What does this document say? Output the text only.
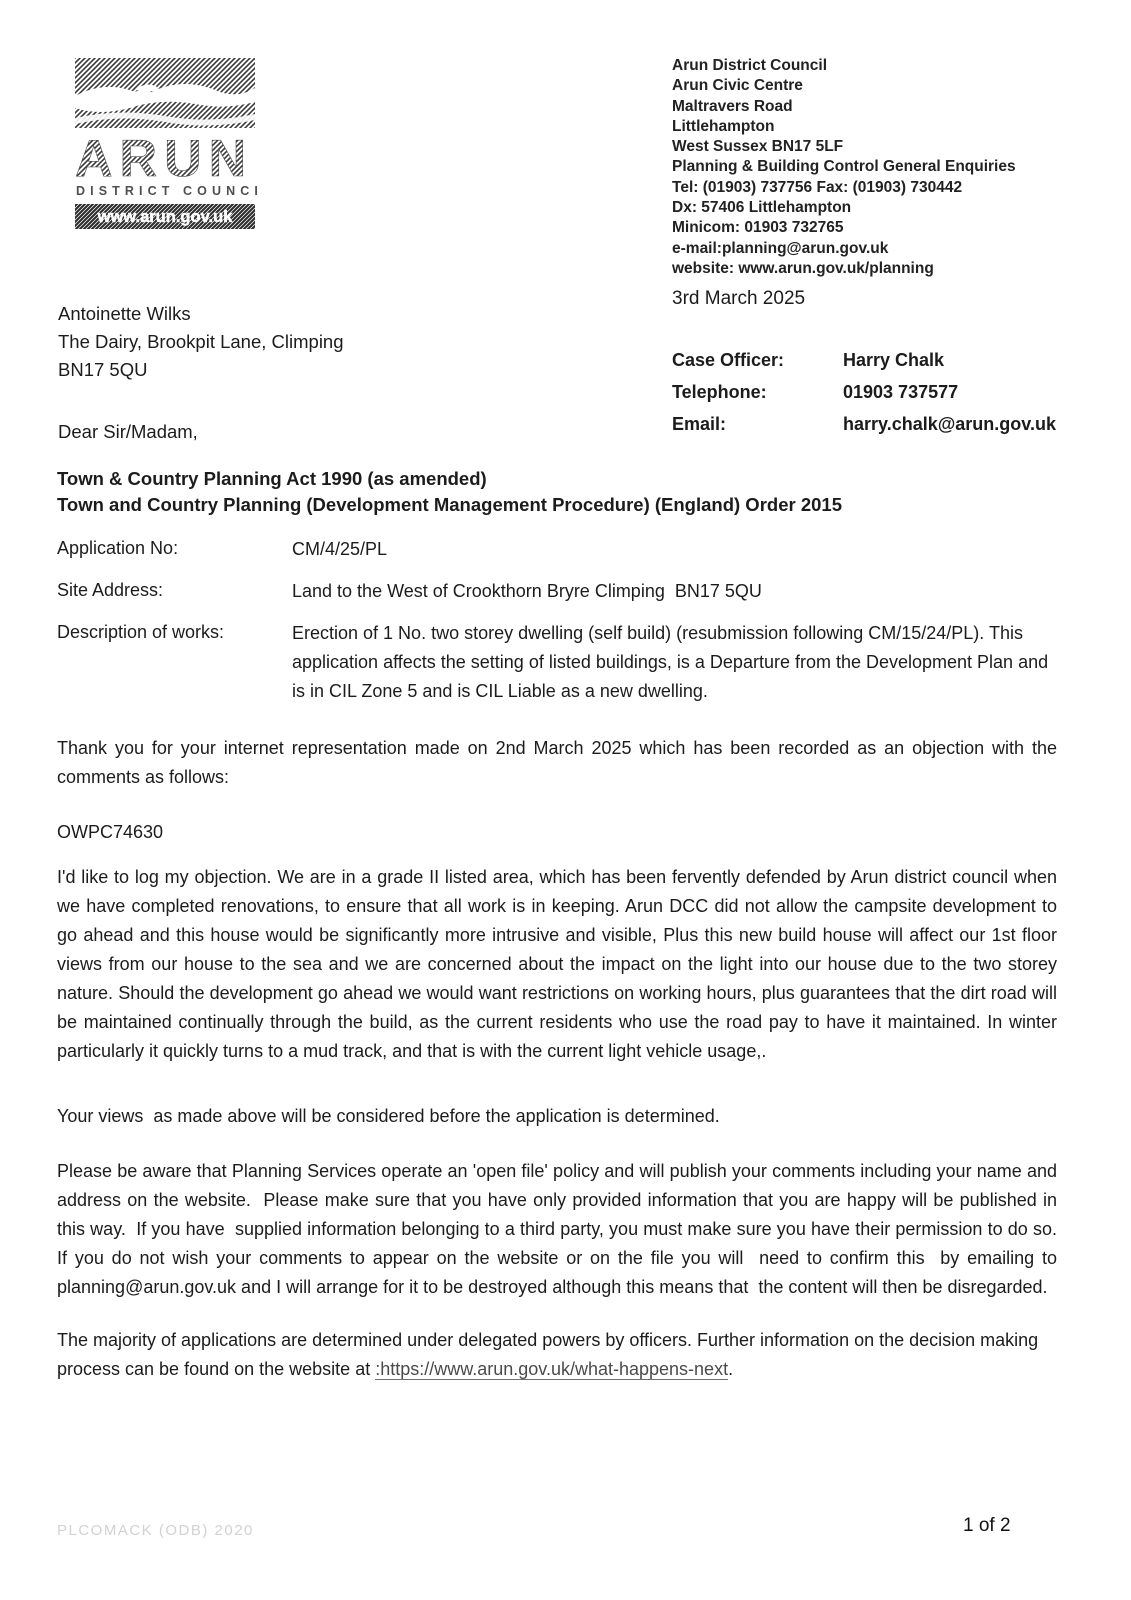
ARUN
DISTRICT COUNCIL
www.arun.gov.uk
Arun District Council
Arun Civic Centre
Maltravers Road
Littlehampton
West Sussex BN17 5LF
Planning & Building Control General Enquiries
Tel: (01903) 737756 Fax: (01903) 730442
Dx: 57406 Littlehampton
Minicom: 01903 732765
e-mail:planning@arun.gov.uk
website: www.arun.gov.uk/planning
3rd March 2025
Antoinette Wilks
The Dairy, Brookpit Lane, Climping
BN17 5QU
Dear Sir/Madam,
Case Officer:	Harry Chalk
Telephone:	01903 737577
Email:	harry.chalk@arun.gov.uk
Town & Country Planning Act 1990 (as amended)
Town and Country Planning (Development Management Procedure) (England) Order 2015
Application No:	CM/4/25/PL
Site Address:	Land to the West of Crookthorn Bryre Climping  BN17 5QU
Description of works:	Erection of 1 No. two storey dwelling (self build) (resubmission following CM/15/24/PL). This application affects the setting of listed buildings, is a Departure from the Development Plan and is in CIL Zone 5 and is CIL Liable as a new dwelling.
Thank you for your internet representation made on 2nd March 2025 which has been recorded as an objection with the comments as follows:
OWPC74630
I'd like to log my objection. We are in a grade II listed area, which has been fervently defended by Arun district council when we have completed renovations, to ensure that all work is in keeping. Arun DCC did not allow the campsite development to go ahead and this house would be significantly more intrusive and visible, Plus this new build house will affect our 1st floor views from our house to the sea and we are concerned about the impact on the light into our house due to the two storey nature. Should the development go ahead we would want restrictions on working hours, plus guarantees that the dirt road will be maintained continually through the build, as the current residents who use the road pay to have it maintained. In winter particularly it quickly turns to a mud track, and that is with the current light vehicle usage,.
Your views  as made above will be considered before the application is determined.
Please be aware that Planning Services operate an 'open file' policy and will publish your comments including your name and address on the website.  Please make sure that you have only provided information that you are happy will be published in this way.  If you have  supplied information belonging to a third party, you must make sure you have their permission to do so.  If you do not wish your comments to appear on the website or on the file you will  need to confirm this  by emailing to planning@arun.gov.uk and I will arrange for it to be destroyed although this means that  the content will then be disregarded.
The majority of applications are determined under delegated powers by officers. Further information on the decision making process can be found on the website at :https://www.arun.gov.uk/what-happens-next.
PLCOMACK (ODB) 2020	1 of 2
